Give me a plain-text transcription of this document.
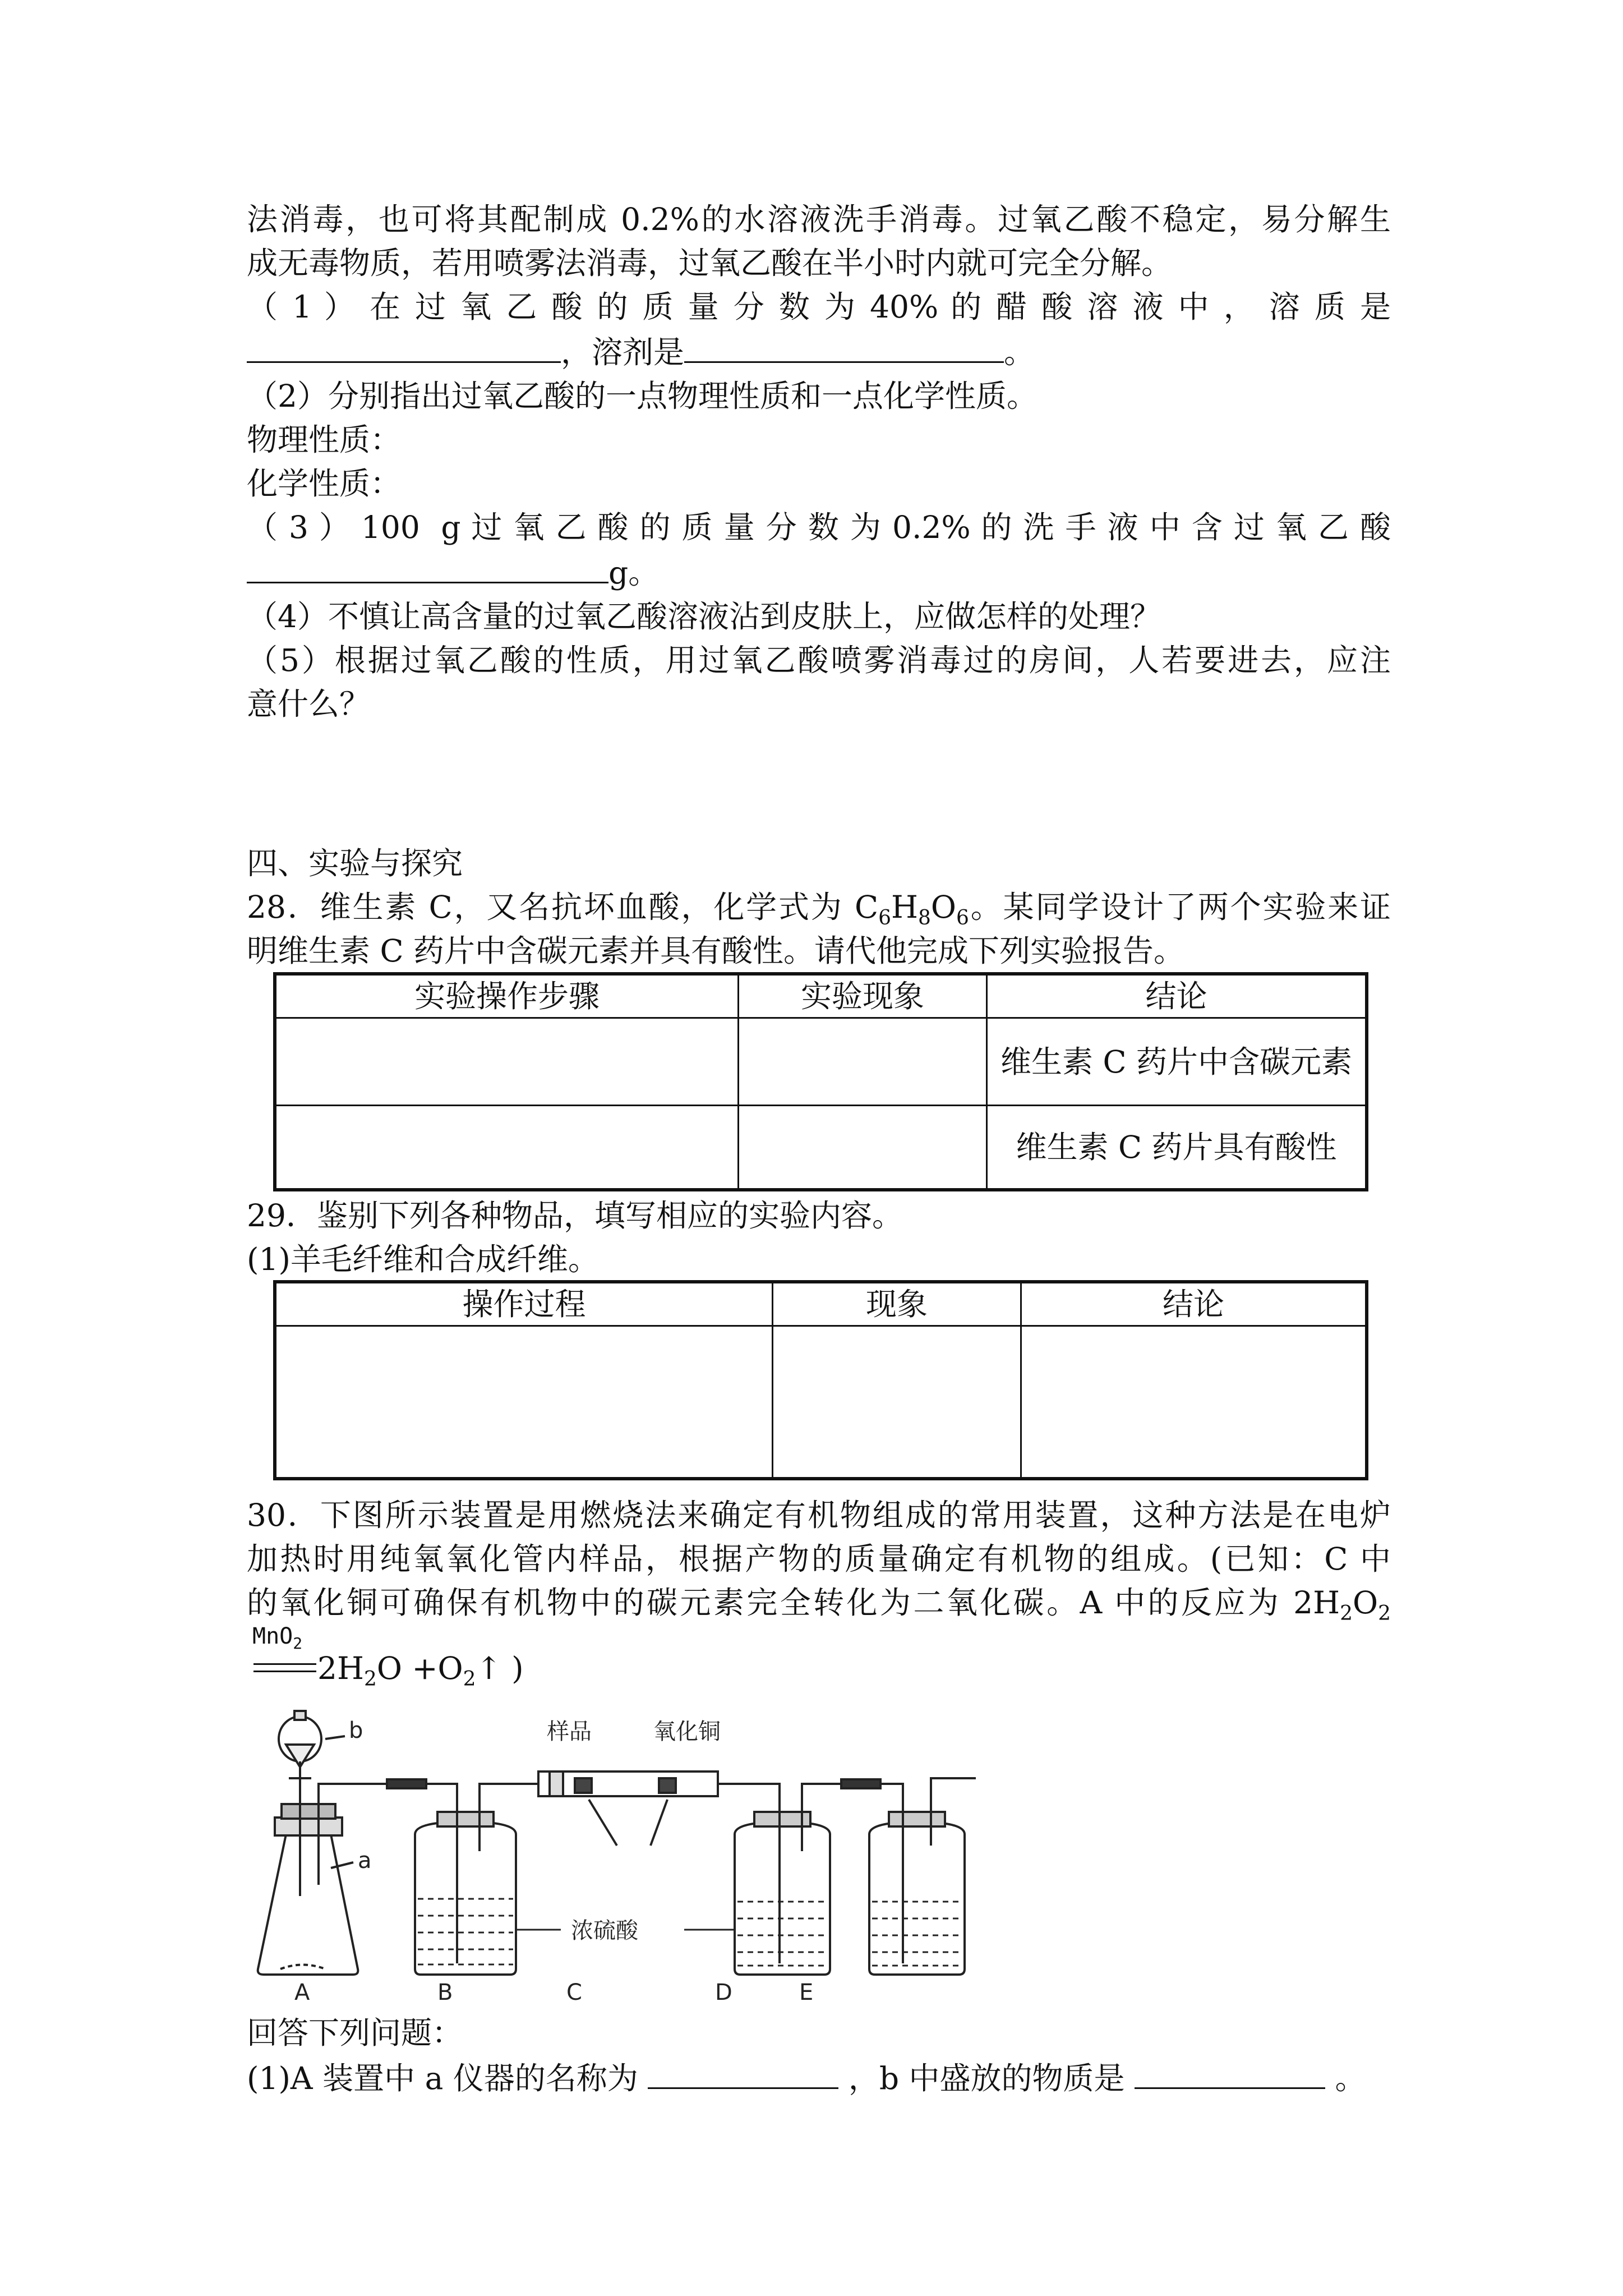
法消毒，也可将其配制成 0.2%的水溶液洗手消毒。过氧乙酸不稳定，易分解生

成无毒物质，若用喷雾法消毒，过氧乙酸在半小时内就可完全分解。

（ 1 ） 在 过 氧 乙 酸 的 质 量 分 数 为 40% 的 醋 酸 溶 液 中 ， 溶 质 是

，溶剂是	。

（2）分别指出过氧乙酸的一点物理性质和一点化学性质。

物理性质：

化学性质：

（ 3 ） 100  g 过 氧 乙 酸 的 质 量 分 数 为 0.2% 的 洗 手 液 中 含 过 氧 乙 酸

g。

（4）不慎让高含量的过氧乙酸溶液沾到皮肤上，应做怎样的处理？

（5）根据过氧乙酸的性质，用过氧乙酸喷雾消毒过的房间，人若要进去，应注

意什么？

四、实验与探究

28．维生素 C，又名抗坏血酸，化学式为 $C_6H_8O_6$。某同学设计了两个实验来证

明维生素 C 药片中含碳元素并具有酸性。请代他完成下列实验报告。

实验操作步骤	实验现象	结论
		维生素 C 药片中含碳元素
		维生素 C 药片具有酸性

29．鉴别下列各种物品，填写相应的实验内容。

(1)羊毛纤维和合成纤维。

操作过程	现象	结论

30．下图所示装置是用燃烧法来确定有机物组成的常用装置，这种方法是在电炉

加热时用纯氧氧化管内样品，根据产物的质量确定有机物的组成。(已知：C 中

的氧化铜可确保有机物中的碳元素完全转化为二氧化碳。A 中的反应为 $2H_2O_2$

MnO$_2$
$2H_2O$ $+O_2↑$ )
b
a
样品	氧化铜
浓硫酸
A	B	C	D	E

回答下列问题：

(1)A 装置中 a 仪器的名称为	，b 中盛放的物质是	。
